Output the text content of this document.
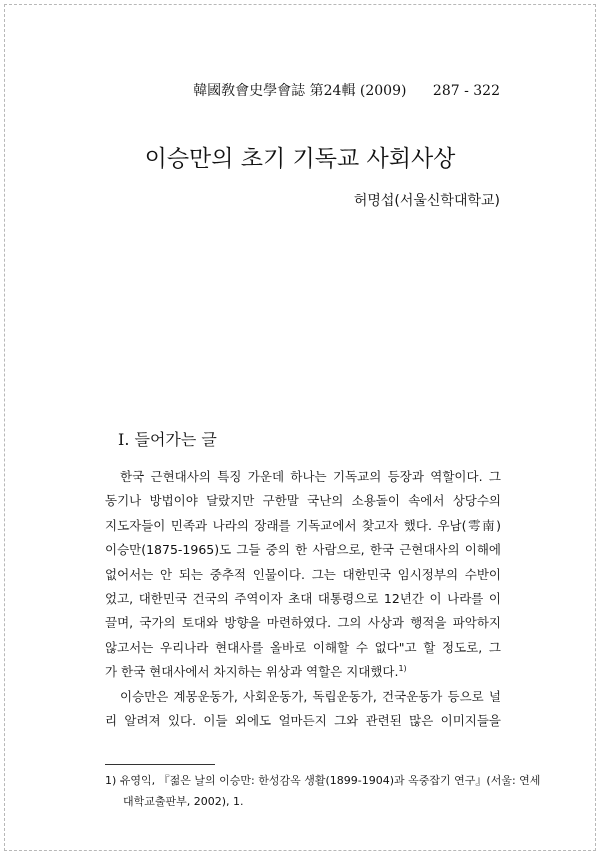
韓國敎會史學會誌 第24輯 (2009) 287 - 322
이승만의 초기 기독교 사회사상
허명섭(서울신학대학교)
I. 들어가는 글
한국 근현대사의 특징 가운데 하나는 기독교의 등장과 역할이다. 그
동기나 방법이야 달랐지만 구한말 국난의 소용돌이 속에서 상당수의
지도자들이 민족과 나라의 장래를 기독교에서 찾고자 했다. 우남(雩南)
이승만(1875-1965)도 그들 중의 한 사람으로, 한국 근현대사의 이해에
없어서는 안 되는 중추적 인물이다. 그는 대한민국 임시정부의 수반이
었고, 대한민국 건국의 주역이자 초대 대통령으로 12년간 이 나라를 이
끌며, 국가의 토대와 방향을 마련하였다. 그의 사상과 행적을 파악하지
않고서는 우리나라 현대사를 올바로 이해할 수 없다"고 할 정도로, 그
가 한국 현대사에서 차지하는 위상과 역할은 지대했다.$^{1)}$
이승만은 계몽운동가, 사회운동가, 독립운동가, 건국운동가 등으로 널
리 알려져 있다. 이들 외에도 얼마든지 그와 관련된 많은 이미지들을
1) 유영익, 『젊은 날의 이승만: 한성감옥 생활(1899-1904)과 옥중잡기 연구』(서울: 연세
대학교출판부, 2002), 1.
